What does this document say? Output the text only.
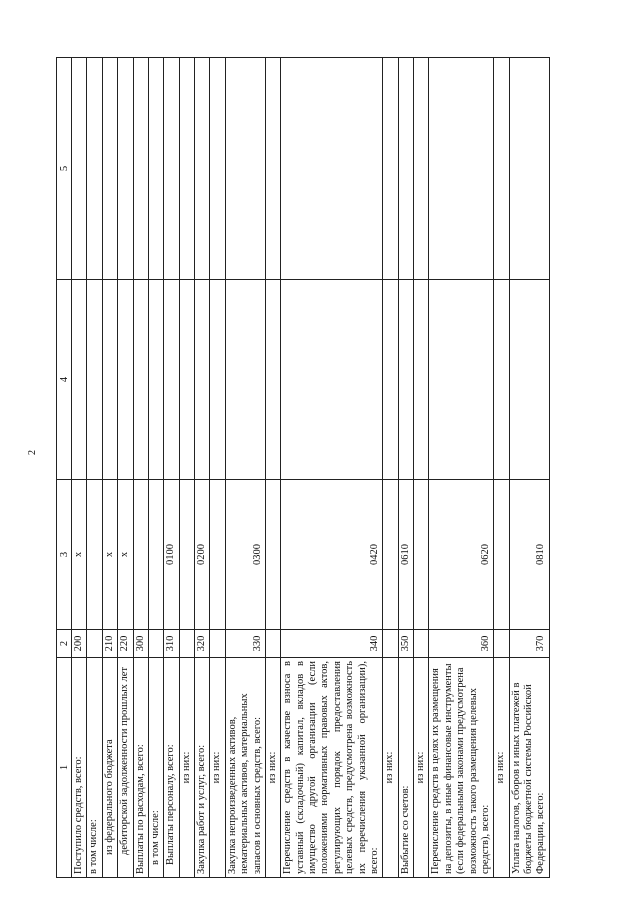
2
1	2	3	4	5
Поступило средств, всего:	200	x		
в том числе:				
из федерального бюджета	210	x		
дебиторской задолженности прошлых лет	220	x		
Выплаты по расходам, всего:	300			
в том числе:				
Выплаты персоналу, всего:	310	0100		
из них:				
Закупка работ и услуг, всего:	320	0200		
из них:				
Закупка непроизведенных активов, нематериальных активов, материальных запасов и основных средств, всего:	330	0300		
из них:				
Перечисление средств в качестве взноса в уставный (складочный) капитал, вкладов в имущество другой организации (если положениями нормативных правовых актов, регулирующих порядок предоставления целевых средств, предусмотрена возможность их перечисления указанной организации), всего:	340	0420		
из них:				
Выбытие со счетов:	350	0610		
из них:				
Перечисление средств в целях их размещения на депозиты, в иные финансовые инструменты (если федеральными законами предусмотрена возможность такого размещения целевых средств), всего:	360	0620		
из них:				
Уплата налогов, сборов и иных платежей в бюджеты бюджетной системы Российской Федерации, всего:	370	0810		
